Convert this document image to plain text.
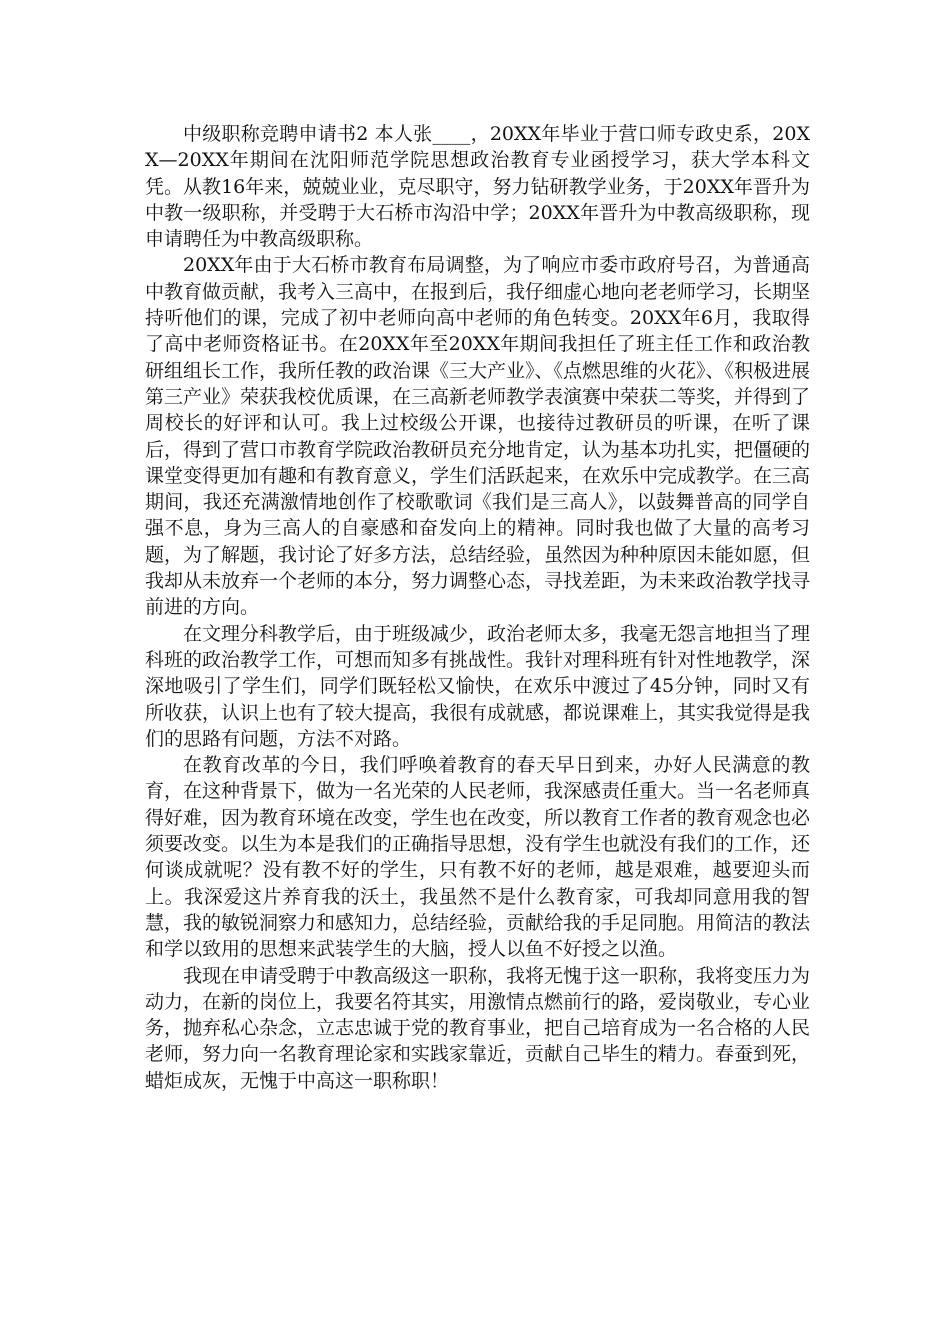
中级职称竞聘申请书2 本人张____，20XX年毕业于营口师专政史系，20XX—20XX年期间在沈阳师范学院思想政治教育专业函授学习，获大学本科文凭。从教16年来，兢兢业业，克尽职守，努力钻研教学业务，于20XX年晋升为中教一级职称，并受聘于大石桥市沟沿中学；20XX年晋升为中教高级职称，现申请聘任为中教高级职称。

20XX年由于大石桥市教育布局调整，为了响应市委市政府号召，为普通高中教育做贡献，我考入三高中，在报到后，我仔细虚心地向老老师学习，长期坚持听他们的课，完成了初中老师向高中老师的角色转变。20XX年6月，我取得了高中老师资格证书。在20XX年至20XX年期间我担任了班主任工作和政治教研组组长工作，我所任教的政治课《三大产业》、《点燃思维的火花》、《积极进展第三产业》荣获我校优质课，在三高新老师教学表演赛中荣获二等奖，并得到了周校长的好评和认可。我上过校级公开课，也接待过教研员的听课，在听了课后，得到了营口市教育学院政治教研员充分地肯定，认为基本功扎实，把僵硬的课堂变得更加有趣和有教育意义，学生们活跃起来，在欢乐中完成教学。在三高期间，我还充满激情地创作了校歌歌词《我们是三高人》，以鼓舞普高的同学自强不息，身为三高人的自豪感和奋发向上的精神。同时我也做了大量的高考习题，为了解题，我讨论了好多方法，总结经验，虽然因为种种原因未能如愿，但我却从未放弃一个老师的本分，努力调整心态，寻找差距，为未来政治教学找寻前进的方向。

在文理分科教学后，由于班级减少，政治老师太多，我毫无怨言地担当了理科班的政治教学工作，可想而知多有挑战性。我针对理科班有针对性地教学，深深地吸引了学生们，同学们既轻松又愉快，在欢乐中渡过了45分钟，同时又有所收获，认识上也有了较大提高，我很有成就感，都说课难上，其实我觉得是我们的思路有问题，方法不对路。

在教育改革的今日，我们呼唤着教育的春天早日到来，办好人民满意的教育，在这种背景下，做为一名光荣的人民老师，我深感责任重大。当一名老师真得好难，因为教育环境在改变，学生也在改变，所以教育工作者的教育观念也必须要改变。以生为本是我们的正确指导思想，没有学生也就没有我们的工作，还何谈成就呢？没有教不好的学生，只有教不好的老师，越是艰难，越要迎头而上。我深爱这片养育我的沃土，我虽然不是什么教育家，可我却同意用我的智慧，我的敏锐洞察力和感知力，总结经验，贡献给我的手足同胞。用简洁的教法和学以致用的思想来武装学生的大脑，授人以鱼不好授之以渔。

我现在申请受聘于中教高级这一职称，我将无愧于这一职称，我将变压力为动力，在新的岗位上，我要名符其实，用激情点燃前行的路，爱岗敬业，专心业务，抛弃私心杂念，立志忠诚于党的教育事业，把自己培育成为一名合格的人民老师，努力向一名教育理论家和实践家靠近，贡献自己毕生的精力。春蚕到死，蜡炬成灰，无愧于中高这一职称职！
